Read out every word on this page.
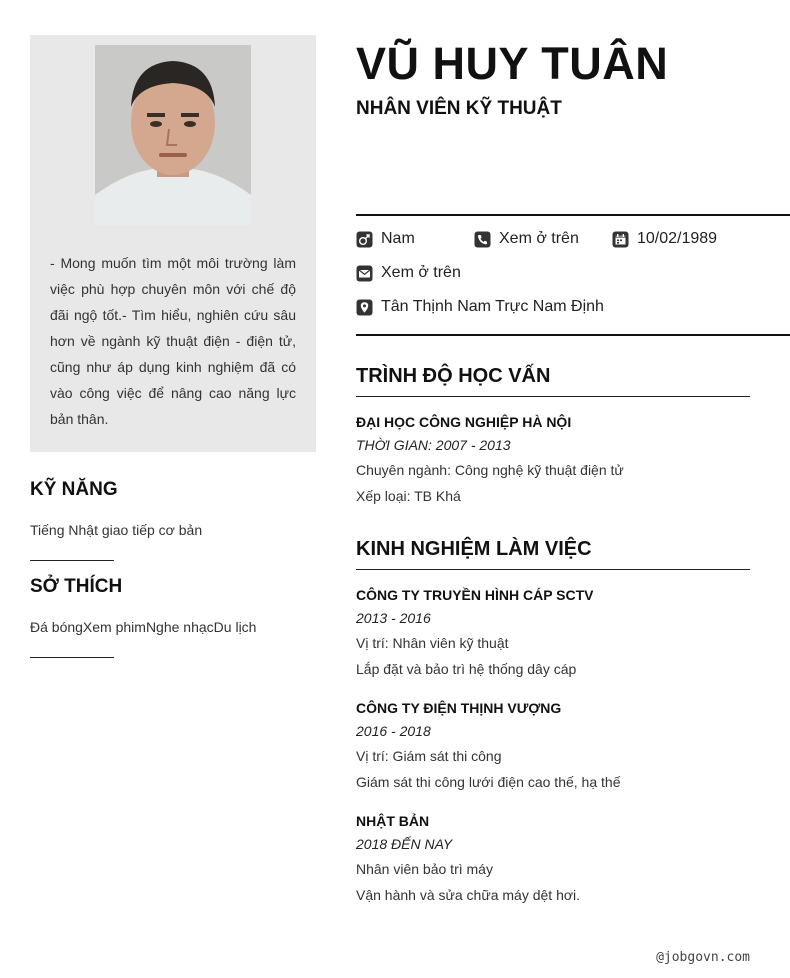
- Mong muốn tìm một môi trường làm việc phù hợp chuyên môn với chế độ đãi ngộ tốt.- Tìm hiểu, nghiên cứu sâu hơn về ngành kỹ thuật điện - điện tử, cũng như áp dụng kinh nghiệm đã có vào công việc để nâng cao năng lực bản thân.
KỸ NĂNG
Tiếng Nhật giao tiếp cơ bản
SỞ THÍCH
Đá bóngXem phimNghe nhạcDu lịch
VŨ HUY TUÂN
NHÂN VIÊN KỸ THUẬT
Nam	Xem ở trên	10/02/1989
Xem ở trên
Tân Thịnh Nam Trực Nam Định
TRÌNH ĐỘ HỌC VẤN
ĐẠI HỌC CÔNG NGHIỆP HÀ NỘI
THỜI GIAN: 2007 - 2013
Chuyên ngành: Công nghệ kỹ thuật điện tử
Xếp loại: TB Khá
KINH NGHIỆM LÀM VIỆC
CÔNG TY TRUYỀN HÌNH CÁP SCTV
2013 - 2016
Vị trí: Nhân viên kỹ thuật
Lắp đặt và bảo trì hệ thống dây cáp
CÔNG TY ĐIỆN THỊNH VƯỢNG
2016 - 2018
Vị trí: Giám sát thi công
Giám sát thi công lưới điện cao thế, hạ thế
NHẬT BẢN
2018 ĐẾN NAY
Nhân viên bảo trì máy
Vận hành và sửa chữa máy dệt hơi.
@jobgovn.com
